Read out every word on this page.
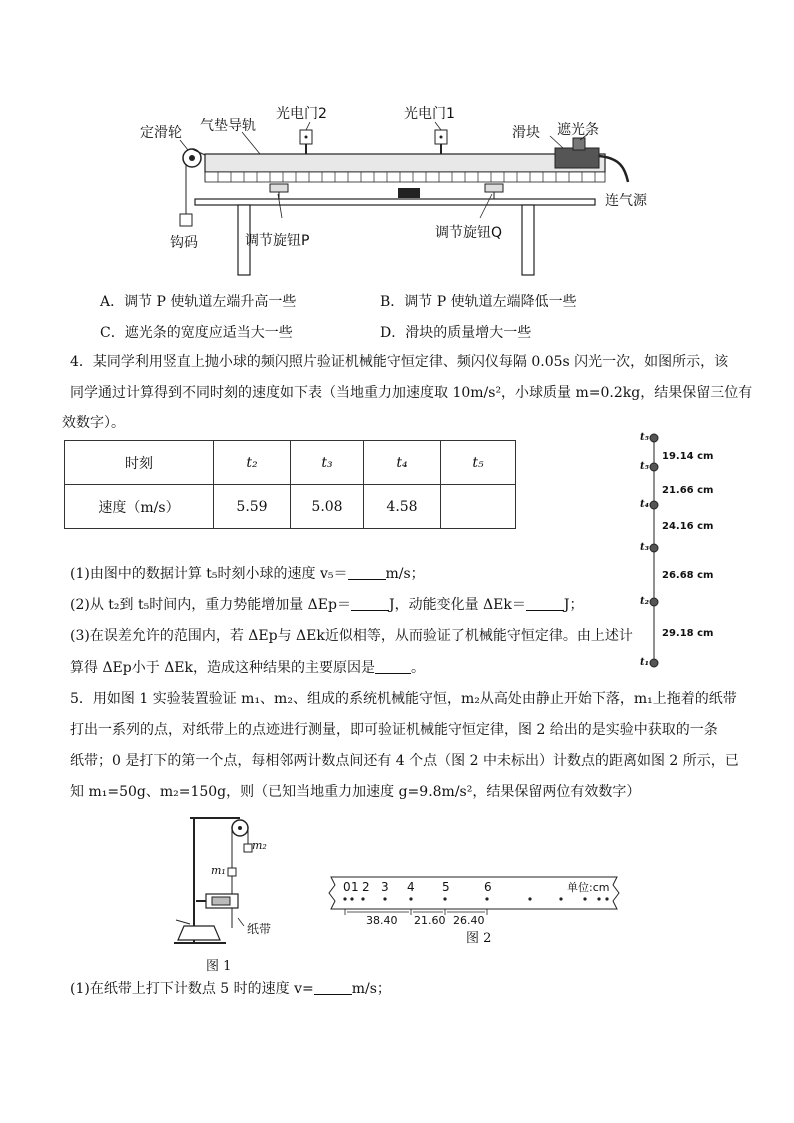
定滑轮 气垫导轨
光电门2	光电门1
滑块 遮光条
连气源
钩码	调节旋钮P	调节旋钮Q
A．调节 P 使轨道左端升高一些	B．调节 P 使轨道左端降低一些
C．遮光条的宽度应适当大一些	D．滑块的质量增大一些
4．某同学利用竖直上抛小球的频闪照片验证机械能守恒定律、频闪仪每隔 0.05s 闪光一次，如图所示，该
同学通过计算得到不同时刻的速度如下表（当地重力加速度取 10m/s²，小球质量 m=0.2kg，结果保留三位有
效数字）。
时刻	t₂	t₃	t₄	t₅
速度（m/s）	5.59	5.08	4.58	
(1)由图中的数据计算 t₅时刻小球的速度 v₅＝	m/s；
(2)从 t₂到 t₅时间内，重力势能增加量 ΔEp＝	J，动能变化量 ΔEk＝	J；
(3)在误差允许的范围内，若 ΔEp与 ΔEk近似相等，从而验证了机械能守恒定律。由上述计
算得 ΔEp小于 ΔEk，造成这种结果的主要原因是	。
t₅
t₅
t₄
t₃
t₂
t₁
19.14 cm
21.66 cm
24.16 cm
26.68 cm
29.18 cm
5．用如图 1 实验装置验证 m₁、m₂、组成的系统机械能守恒，m₂从高处由静止开始下落，m₁上拖着的纸带
打出一系列的点，对纸带上的点迹进行测量，即可验证机械能守恒定律，图 2 给出的是实验中获取的一条
纸带；0 是打下的第一个点，每相邻两计数点间还有 4 个点（图 2 中未标出）计数点的距离如图 2 所示，已
知 m₁=50g、m₂=150g，则（已知当地重力加速度 g=9.8m/s²，结果保留两位有效数字）
m₂
m₁
纸带
图 1
0 1 2 3 4 5	6	单位:cm
38.40 21.60 26.40
图 2
(1)在纸带上打下计数点 5 时的速度 v=	m/s；
